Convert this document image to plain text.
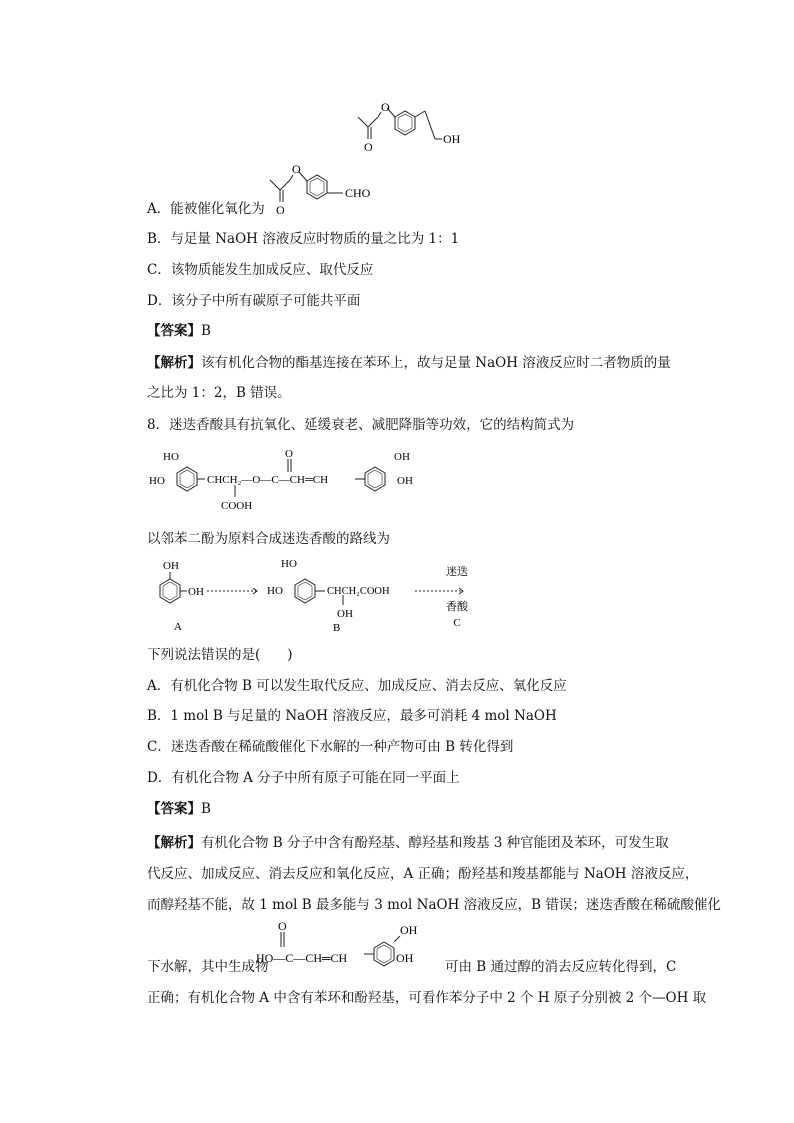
O
O
OH
A．能被催化氧化为
O
O
CHO
B．与足量 NaOH 溶液反应时物质的量之比为 1：1
C．该物质能发生加成反应、取代反应
D．该分子中所有碳原子可能共平面
【答案】B
【解析】该有机化合物的酯基连接在苯环上，故与足量 NaOH 溶液反应时二者物质的量
之比为 1：2，B 错误。
8．迷迭香酸具有抗氧化、延缓衰老、减肥降脂等功效，它的结构简式为
HO
HO	CHCH₂—O—C—CH═CH
COOH
O	OH
OH
以邻苯二酚为原料合成迷迭香酸的路线为
OH
OH
A
HO
HO	CHCH₂COOH
OH
B
迷迭
香酸
C
下列说法错误的是(　　)
A．有机化合物 B 可以发生取代反应、加成反应、消去反应、氧化反应
B．1 mol B 与足量的 NaOH 溶液反应，最多可消耗 4 mol NaOH
C．迷迭香酸在稀硫酸催化下水解的一种产物可由 B 转化得到
D．有机化合物 A 分子中所有原子可能在同一平面上
【答案】B
【解析】有机化合物 B 分子中含有酚羟基、醇羟基和羧基 3 种官能团及苯环，可发生取
代反应、加成反应、消去反应和氧化反应，A 正确；酚羟基和羧基都能与 NaOH 溶液反应，
而醇羟基不能，故 1 mol B 最多能与 3 mol NaOH 溶液反应，B 错误；迷迭香酸在稀硫酸催化
下水解，其中生成物
HO—C—CH═CH
O	OH
OH
可由 B 通过醇的消去反应转化得到，C
正确；有机化合物 A 中含有苯环和酚羟基，可看作苯分子中 2 个 H 原子分别被 2 个—OH 取
